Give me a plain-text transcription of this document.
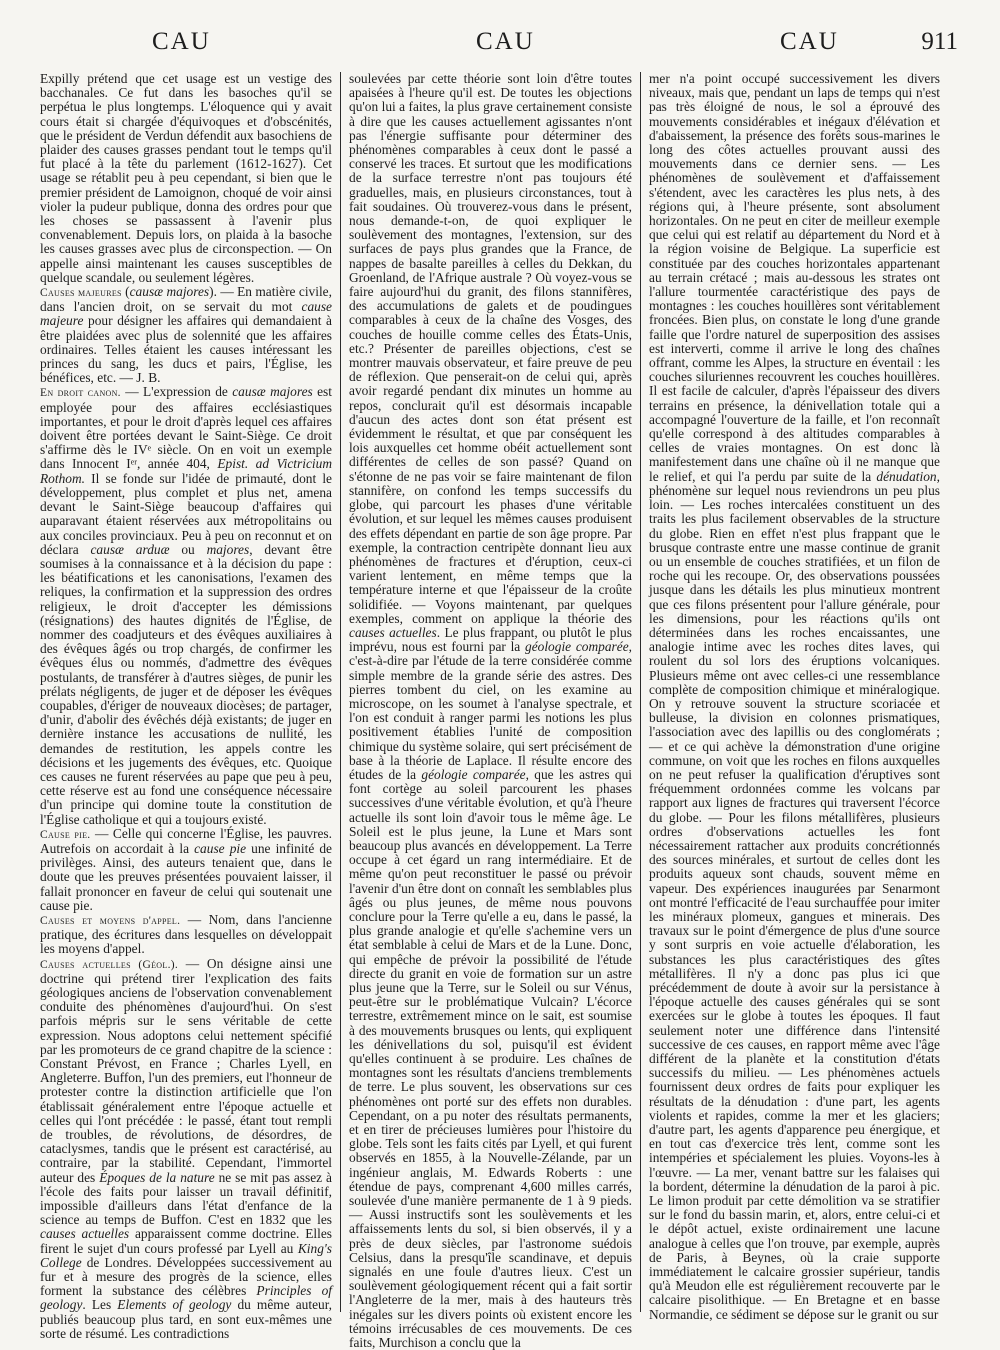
CAU	CAU	CAU	911

Expilly prétend que cet usage est un vestige des bacchanales. Ce fut dans les basoches qu'il se perpétua le plus longtemps. L'éloquence qui y avait cours était si chargée d'équivoques et d'obscénités, que le président de Verdun défendit aux basochiens de plaider des causes grasses pendant tout le temps qu'il fut placé à la tête du parlement (1612-1627). Cet usage se rétablit peu à peu cependant, si bien que le premier président de Lamoignon, choqué de voir ainsi violer la pudeur publique, donna des ordres pour que les choses se passassent à l'avenir plus convenablement. Depuis lors, on plaida à la basoche les causes grasses avec plus de circonspection. — On appelle ainsi maintenant les causes susceptibles de quelque scandale, ou seulement légères.

Causes majeures (causæ majores). — En matière civile, dans l'ancien droit, on se servait du mot cause majeure pour désigner les affaires qui demandaient à être plaidées avec plus de solennité que les affaires ordinaires. Telles étaient les causes intéressant les princes du sang, les ducs et pairs, l'Église, les bénéfices, etc. — J. B.

En droit canon. — L'expression de causæ majores est employée pour des affaires ecclésiastiques importantes, et pour le droit d'après lequel ces affaires doivent être portées devant le Saint-Siège. Ce droit s'affirme dès le IVᵉ siècle. On en voit un exemple dans Innocent Iᵉʳ, année 404, Epist. ad Victricium Rothom. Il se fonde sur l'idée de primauté, dont le développement, plus complet et plus net, amena devant le Saint-Siège beaucoup d'affaires qui auparavant étaient réservées aux métropolitains ou aux conciles provinciaux. Peu à peu on reconnut et on déclara causæ arduæ ou majores, devant être soumises à la connaissance et à la décision du pape : les béatifications et les canonisations, l'examen des reliques, la confirmation et la suppression des ordres religieux, le droit d'accepter les démissions (résignations) des hautes dignités de l'Église, de nommer des coadjuteurs et des évêques auxiliaires à des évêques âgés ou trop chargés, de confirmer les évêques élus ou nommés, d'admettre des évêques postulants, de transférer à d'autres sièges, de punir les prélats négligents, de juger et de déposer les évêques coupables, d'ériger de nouveaux diocèses; de partager, d'unir, d'abolir des évêchés déjà existants; de juger en dernière instance les accusations de nullité, les demandes de restitution, les appels contre les décisions et les jugements des évêques, etc. Quoique ces causes ne furent réservées au pape que peu à peu, cette réserve est au fond une conséquence nécessaire d'un principe qui domine toute la constitution de l'Église catholique et qui a toujours existé.

Cause pie. — Celle qui concerne l'Église, les pauvres. Autrefois on accordait à la cause pie une infinité de privilèges. Ainsi, des auteurs tenaient que, dans le doute que les preuves présentées pouvaient laisser, il fallait prononcer en faveur de celui qui soutenait une cause pie.

Causes et moyens d'appel. — Nom, dans l'ancienne pratique, des écritures dans lesquelles on développait les moyens d'appel.

Causes actuelles (Géol.). — On désigne ainsi une doctrine qui prétend tirer l'explication des faits géologiques anciens de l'observation convenablement conduite des phénomènes d'aujourd'hui. On s'est parfois mépris sur le sens véritable de cette expression. Nous adoptons celui nettement spécifié par les promoteurs de ce grand chapitre de la science : Constant Prévost, en France ; Charles Lyell, en Angleterre. Buffon, l'un des premiers, eut l'honneur de protester contre la distinction artificielle que l'on établissait généralement entre l'époque actuelle et celles qui l'ont précédée : le passé, étant tout rempli de troubles, de révolutions, de désordres, de cataclysmes, tandis que le présent est caractérisé, au contraire, par la stabilité. Cependant, l'immortel auteur des Époques de la nature ne se mit pas assez à l'école des faits pour laisser un travail définitif, impossible d'ailleurs dans l'état d'enfance de la science au temps de Buffon. C'est en 1832 que les causes actuelles apparaissent comme doctrine. Elles firent le sujet d'un cours professé par Lyell au King's College de Londres. Développées successivement au fur et à mesure des progrès de la science, elles forment la substance des célèbres Principles of geology. Les Elements of geology du même auteur, publiés beaucoup plus tard, en sont eux-mêmes une sorte de résumé. Les contradictions

soulevées par cette théorie sont loin d'être toutes apaisées à l'heure qu'il est. De toutes les objections qu'on lui a faites, la plus grave certainement consiste à dire que les causes actuellement agissantes n'ont pas l'énergie suffisante pour déterminer des phénomènes comparables à ceux dont le passé a conservé les traces. Et surtout que les modifications de la surface terrestre n'ont pas toujours été graduelles, mais, en plusieurs circonstances, tout à fait soudaines. Où trouverez-vous dans le présent, nous demande-t-on, de quoi expliquer le soulèvement des montagnes, l'extension, sur des surfaces de pays plus grandes que la France, de nappes de basalte pareilles à celles du Dekkan, du Groenland, de l'Afrique australe ? Où voyez-vous se faire aujourd'hui du granit, des filons stannifères, des accumulations de galets et de poudingues comparables à ceux de la chaîne des Vosges, des couches de houille comme celles des États-Unis, etc.? Présenter de pareilles objections, c'est se montrer mauvais observateur, et faire preuve de peu de réflexion. Que penserait-on de celui qui, après avoir regardé pendant dix minutes un homme au repos, conclurait qu'il est désormais incapable d'aucun des actes dont son état présent est évidemment le résultat, et que par conséquent les lois auxquelles cet homme obéit actuellement sont différentes de celles de son passé? Quand on s'étonne de ne pas voir se faire maintenant de filon stannifère, on confond les temps successifs du globe, qui parcourt les phases d'une véritable évolution, et sur lequel les mêmes causes produisent des effets dépendant en partie de son âge propre. Par exemple, la contraction centripète donnant lieu aux phénomènes de fractures et d'éruption, ceux-ci varient lentement, en même temps que la température interne et que l'épaisseur de la croûte solidifiée. — Voyons maintenant, par quelques exemples, comment on applique la théorie des causes actuelles. Le plus frappant, ou plutôt le plus imprévu, nous est fourni par la géologie comparée, c'est-à-dire par l'étude de la terre considérée comme simple membre de la grande série des astres. Des pierres tombent du ciel, on les examine au microscope, on les soumet à l'analyse spectrale, et l'on est conduit à ranger parmi les notions les plus positivement établies l'unité de composition chimique du système solaire, qui sert précisément de base à la théorie de Laplace. Il résulte encore des études de la géologie comparée, que les astres qui font cortège au soleil parcourent les phases successives d'une véritable évolution, et qu'à l'heure actuelle ils sont loin d'avoir tous le même âge. Le Soleil est le plus jeune, la Lune et Mars sont beaucoup plus avancés en développement. La Terre occupe à cet égard un rang intermédiaire. Et de même qu'on peut reconstituer le passé ou prévoir l'avenir d'un être dont on connaît les semblables plus âgés ou plus jeunes, de même nous pouvons conclure pour la Terre qu'elle a eu, dans le passé, la plus grande analogie et qu'elle s'achemine vers un état semblable à celui de Mars et de la Lune. Donc, qui empêche de prévoir la possibilité de l'étude directe du granit en voie de formation sur un astre plus jeune que la Terre, sur le Soleil ou sur Vénus, peut-être sur le problématique Vulcain? L'écorce terrestre, extrêmement mince on le sait, est soumise à des mouvements brusques ou lents, qui expliquent les dénivellations du sol, puisqu'il est évident qu'elles continuent à se produire. Les chaînes de montagnes sont les résultats d'anciens tremblements de terre. Le plus souvent, les observations sur ces phénomènes ont porté sur des effets non durables. Cependant, on a pu noter des résultats permanents, et en tirer de précieuses lumières pour l'histoire du globe. Tels sont les faits cités par Lyell, et qui furent observés en 1855, à la Nouvelle-Zélande, par un ingénieur anglais, M. Edwards Roberts : une étendue de pays, comprenant 4,600 milles carrés, soulevée d'une manière permanente de 1 à 9 pieds. — Aussi instructifs sont les soulèvements et les affaissements lents du sol, si bien observés, il y a près de deux siècles, par l'astronome suédois Celsius, dans la presqu'île scandinave, et depuis signalés en une foule d'autres lieux. C'est un soulèvement géologiquement récent qui a fait sortir l'Angleterre de la mer, mais à des hauteurs très inégales sur les divers points où existent encore les témoins irrécusables de ces mouvements. De ces faits, Murchison a conclu que la

mer n'a point occupé successivement les divers niveaux, mais que, pendant un laps de temps qui n'est pas très éloigné de nous, le sol a éprouvé des mouvements considérables et inégaux d'élévation et d'abaissement, la présence des forêts sous-marines le long des côtes actuelles prouvant aussi des mouvements dans ce dernier sens. — Les phénomènes de soulèvement et d'affaissement s'étendent, avec les caractères les plus nets, à des régions qui, à l'heure présente, sont absolument horizontales. On ne peut en citer de meilleur exemple que celui qui est relatif au département du Nord et à la région voisine de Belgique. La superficie est constituée par des couches horizontales appartenant au terrain crétacé ; mais au-dessous les strates ont l'allure tourmentée caractéristique des pays de montagnes : les couches houillères sont véritablement froncées. Bien plus, on constate le long d'une grande faille que l'ordre naturel de superposition des assises est interverti, comme il arrive le long des chaînes offrant, comme les Alpes, la structure en éventail : les couches siluriennes recouvrent les couches houillères. Il est facile de calculer, d'après l'épaisseur des divers terrains en présence, la dénivellation totale qui a accompagné l'ouverture de la faille, et l'on reconnaît qu'elle correspond à des altitudes comparables à celles de vraies montagnes. On est donc là manifestement dans une chaîne où il ne manque que le relief, et qui l'a perdu par suite de la dénudation, phénomène sur lequel nous reviendrons un peu plus loin. — Les roches intercalées constituent un des traits les plus facilement observables de la structure du globe. Rien en effet n'est plus frappant que le brusque contraste entre une masse continue de granit ou un ensemble de couches stratifiées, et un filon de roche qui les recoupe. Or, des observations poussées jusque dans les détails les plus minutieux montrent que ces filons présentent pour l'allure générale, pour les dimensions, pour les réactions qu'ils ont déterminées dans les roches encaissantes, une analogie intime avec les roches dites laves, qui roulent du sol lors des éruptions volcaniques. Plusieurs même ont avec celles-ci une ressemblance complète de composition chimique et minéralogique. On y retrouve souvent la structure scoriacée et bulleuse, la division en colonnes prismatiques, l'association avec des lapillis ou des conglomérats ; — et ce qui achève la démonstration d'une origine commune, on voit que les roches en filons auxquelles on ne peut refuser la qualification d'éruptives sont fréquemment ordonnées comme les volcans par rapport aux lignes de fractures qui traversent l'écorce du globe. — Pour les filons métallifères, plusieurs ordres d'observations actuelles les font nécessairement rattacher aux produits concrétionnés des sources minérales, et surtout de celles dont les produits aqueux sont chauds, souvent même en vapeur. Des expériences inaugurées par Senarmont ont montré l'efficacité de l'eau surchauffée pour imiter les minéraux plomeux, gangues et minerais. Des travaux sur le point d'émergence de plus d'une source y sont surpris en voie actuelle d'élaboration, les substances les plus caractéristiques des gîtes métallifères. Il n'y a donc pas plus ici que précédemment de doute à avoir sur la persistance à l'époque actuelle des causes générales qui se sont exercées sur le globe à toutes les époques. Il faut seulement noter une différence dans l'intensité successive de ces causes, en rapport même avec l'âge différent de la planète et la constitution d'états successifs du milieu. — Les phénomènes actuels fournissent deux ordres de faits pour expliquer les résultats de la dénudation : d'une part, les agents violents et rapides, comme la mer et les glaciers; d'autre part, les agents d'apparence peu énergique, et en tout cas d'exercice très lent, comme sont les intempéries et spécialement les pluies. Voyons-les à l'œuvre. — La mer, venant battre sur les falaises qui la bordent, détermine la dénudation de la paroi à pic. Le limon produit par cette démolition va se stratifier sur le fond du bassin marin, et, alors, entre celui-ci et le dépôt actuel, existe ordinairement une lacune analogue à celles que l'on trouve, par exemple, auprès de Paris, à Beynes, où la craie supporte immédiatement le calcaire grossier supérieur, tandis qu'à Meudon elle est régulièrement recouverte par le calcaire pisolithique. — En Bretagne et en basse Normandie, ce sédiment se dépose sur le granit ou sur
